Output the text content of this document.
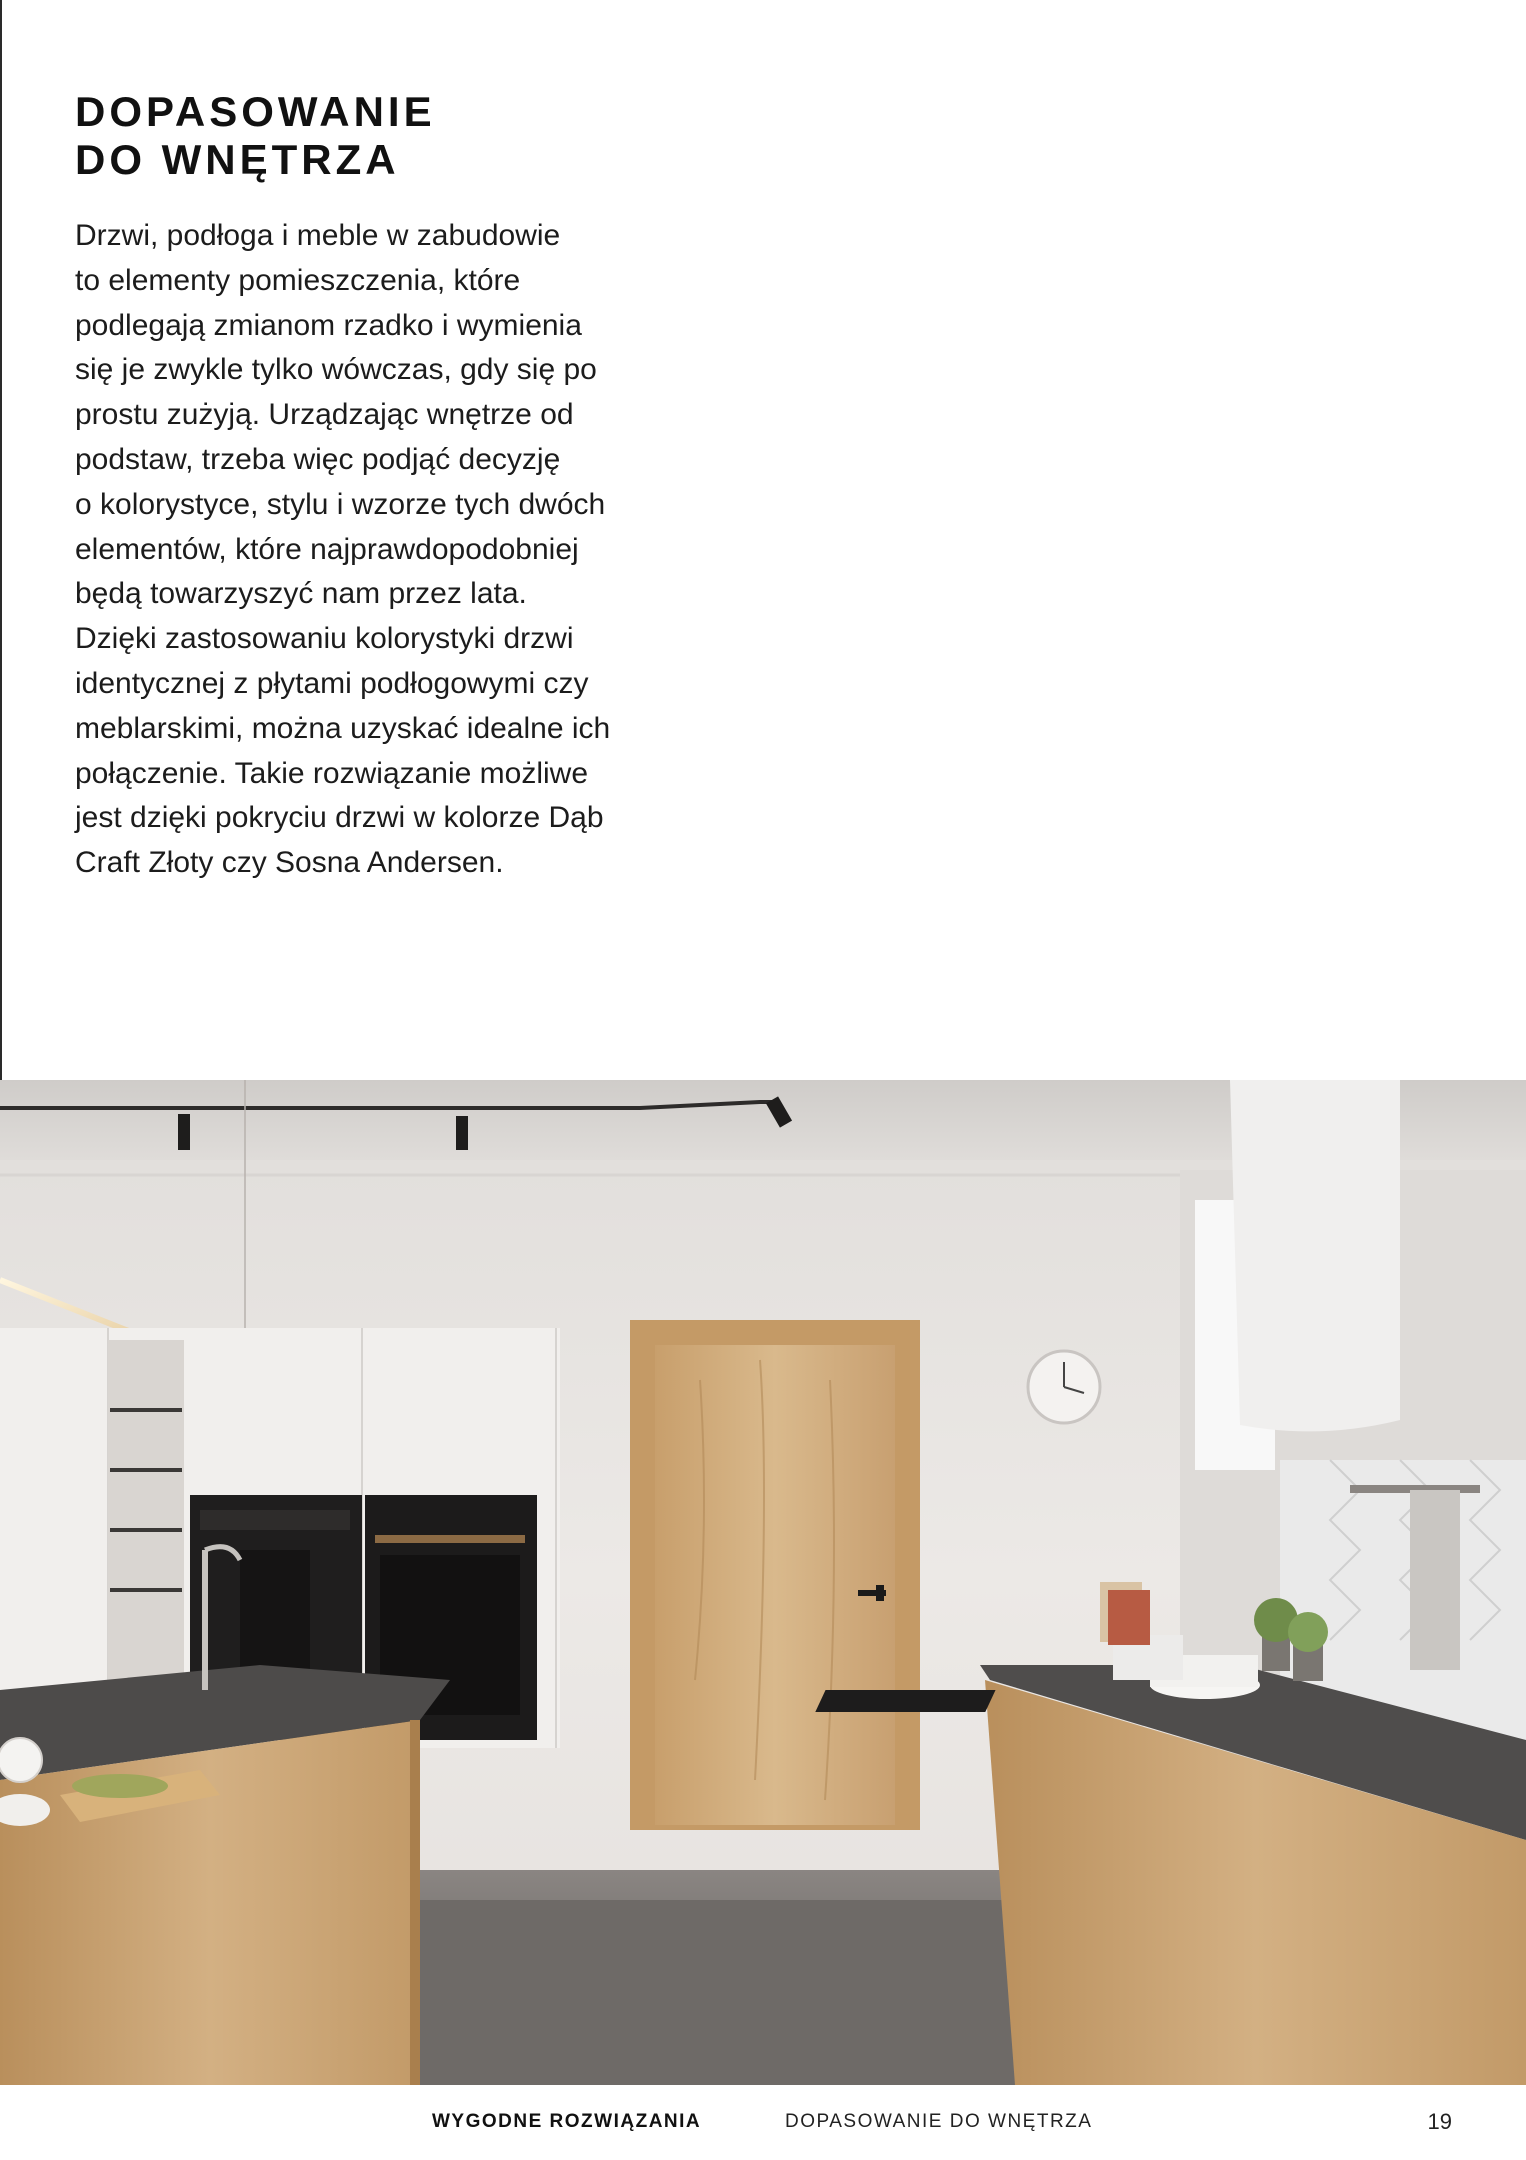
DOPASOWANIE
DO WNĘTRZA

Drzwi, podłoga i meble w zabudowie
to elementy pomieszczenia, które
podlegają zmianom rzadko i wymienia
się je zwykle tylko wówczas, gdy się po
prostu zużyją. Urządzając wnętrze od
podstaw, trzeba więc podjąć decyzję
o kolorystyce, stylu i wzorze tych dwóch
elementów, które najprawdopodobniej
będą towarzyszyć nam przez lata.
Dzięki zastosowaniu kolorystyki drzwi
identycznej z płytami podłogowymi czy
meblarskimi, można uzyskać idealne ich
połączenie. Takie rozwiązanie możliwe
jest dzięki pokryciu drzwi w kolorze Dąb
Craft Złoty czy Sosna Andersen.

WYGODNE ROZWIĄZANIA	DOPASOWANIE DO WNĘTRZA	19
